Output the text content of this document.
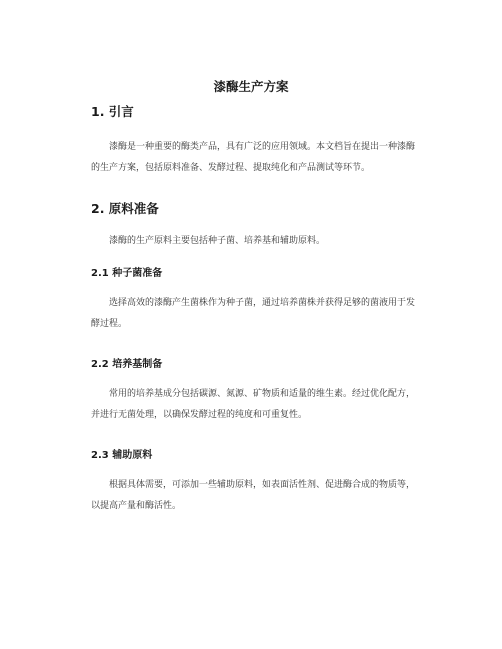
漆酶生产方案
1. 引言

漆酶是一种重要的酶类产品，具有广泛的应用领域。本文档旨在提出一种漆酶的生产方案，包括原料准备、发酵过程、提取纯化和产品测试等环节。

2. 原料准备

漆酶的生产原料主要包括种子菌、培养基和辅助原料。

2.1 种子菌准备

选择高效的漆酶产生菌株作为种子菌，通过培养菌株并获得足够的菌液用于发酵过程。

2.2 培养基制备

常用的培养基成分包括碳源、氮源、矿物质和适量的维生素。经过优化配方，并进行无菌处理，以确保发酵过程的纯度和可重复性。

2.3 辅助原料

根据具体需要，可添加一些辅助原料，如表面活性剂、促进酶合成的物质等，以提高产量和酶活性。
